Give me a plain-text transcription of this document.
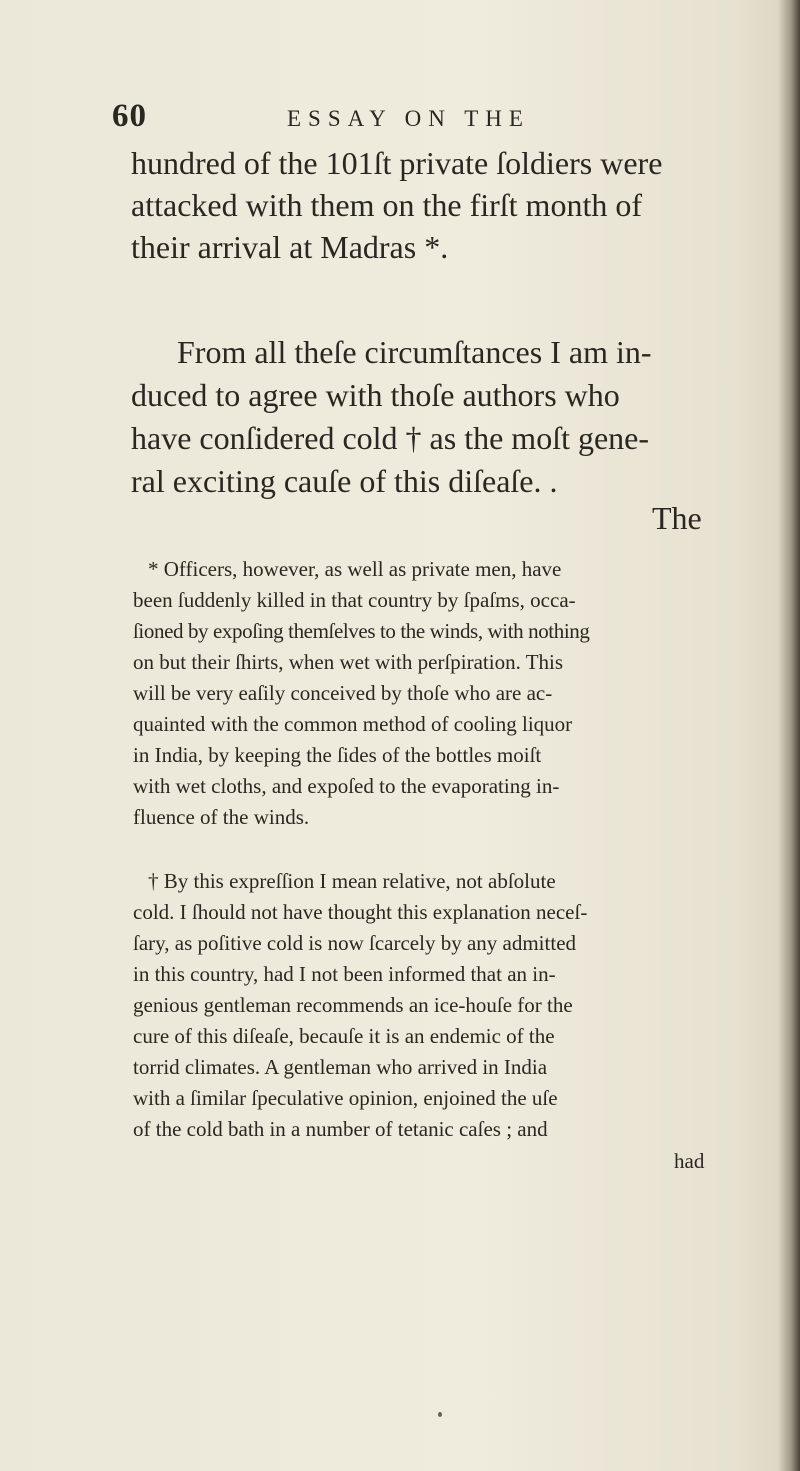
60	ESSAY ON THE
hundred of the 101ſt private ſoldiers were
attacked with them on the firſt month of
their arrival at Madras *.
From all theſe circumſtances I am in-
duced to agree with thoſe authors who
have conſidered cold † as the moſt gene-
ral exciting cauſe of this diſeaſe. .
The
* Officers, however, as well as private men, have
been ſuddenly killed in that country by ſpaſms, occa-
ſioned by expoſing themſelves to the winds, with nothing
on but their ſhirts, when wet with perſpiration. This
will be very eaſily conceived by thoſe who are ac-
quainted with the common method of cooling liquor
in India, by keeping the ſides of the bottles moiſt
with wet cloths, and expoſed to the evaporating in-
fluence of the winds.
† By this expreſſion I mean relative, not abſolute
cold. I ſhould not have thought this explanation neceſ-
ſary, as poſitive cold is now ſcarcely by any admitted
in this country, had I not been informed that an in-
genious gentleman recommends an ice-houſe for the
cure of this diſeaſe, becauſe it is an endemic of the
torrid climates. A gentleman who arrived in India
with a ſimilar ſpeculative opinion, enjoined the uſe
of the cold bath in a number of tetanic caſes ; and
had
